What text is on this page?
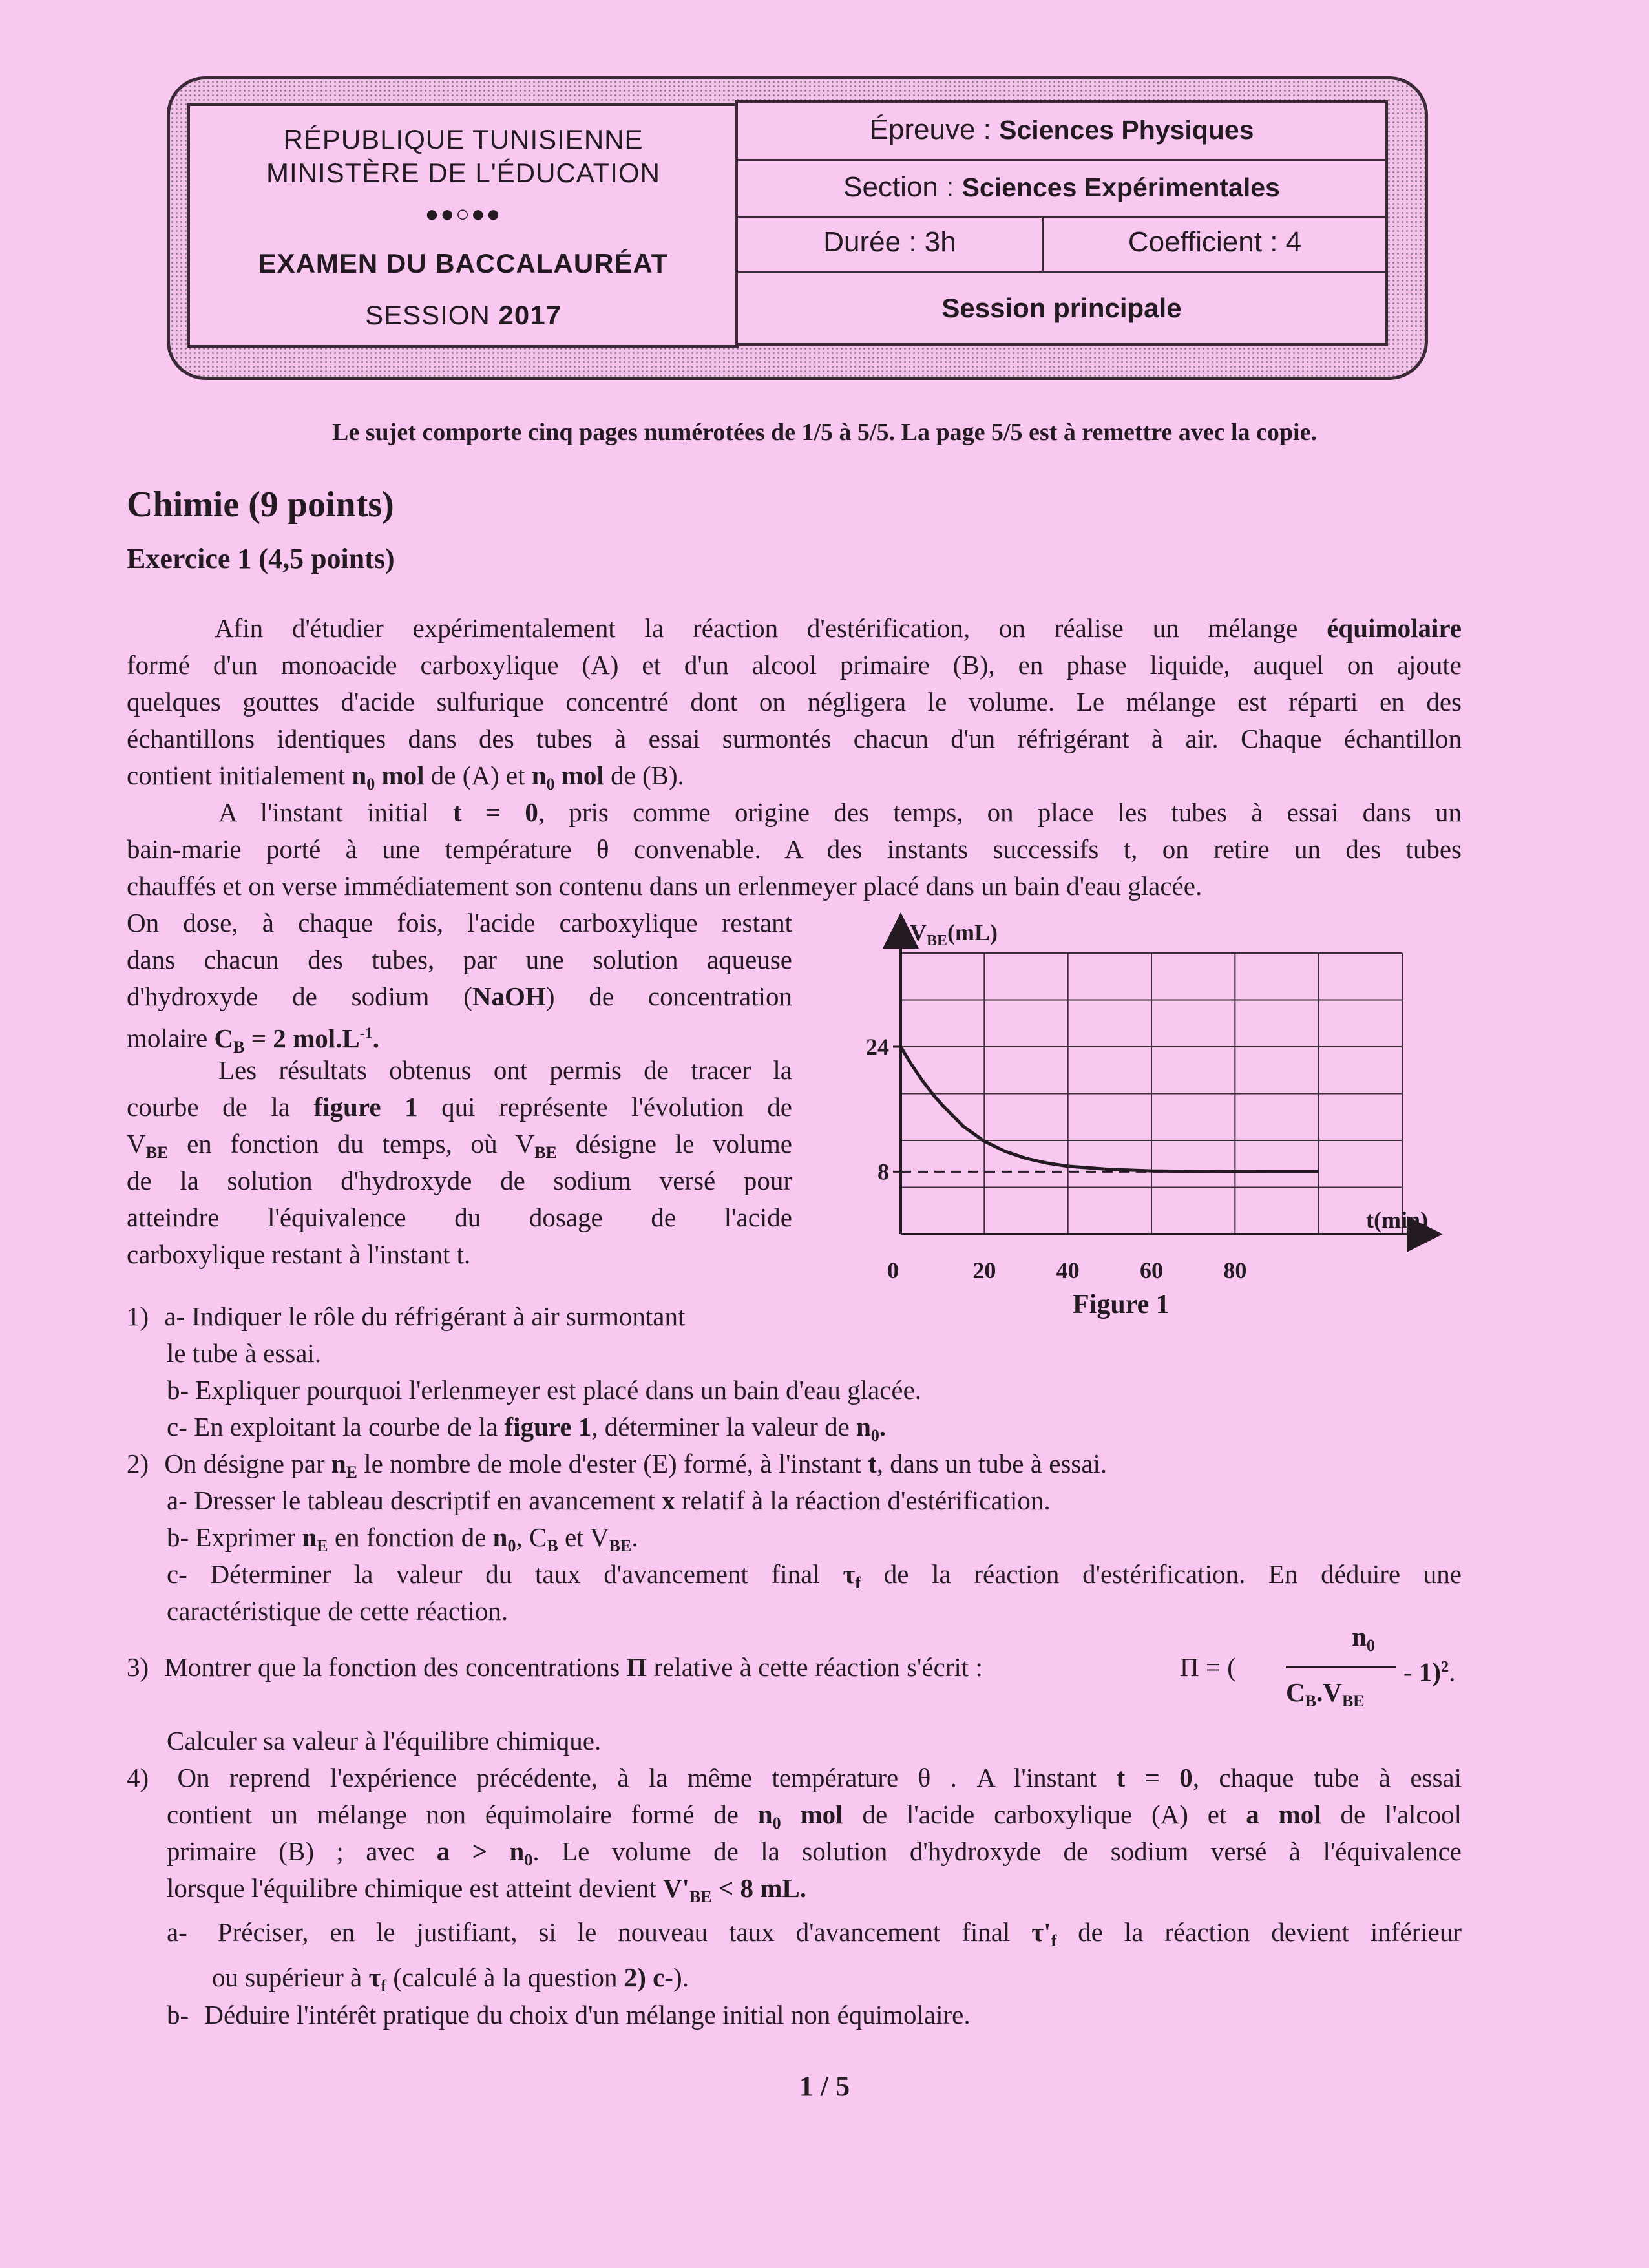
RÉPUBLIQUE TUNISIENNE
MINISTÈRE DE L'ÉDUCATION
●●○●●
EXAMEN DU BACCALAURÉAT
SESSION 2017
Épreuve : Sciences Physiques
Section : Sciences Expérimentales
Durée : 3h	Coefficient : 4
Session principale
Le sujet comporte cinq pages numérotées de 1/5 à 5/5. La page 5/5 est à remettre avec la copie.
Chimie (9 points)
Exercice 1 (4,5 points)
Afin d'étudier expérimentalement la réaction d'estérification, on réalise un mélange équimolaire
formé d'un monoacide carboxylique (A) et d'un alcool primaire (B), en phase liquide, auquel on ajoute
quelques gouttes d'acide sulfurique concentré dont on négligera le volume. Le mélange est réparti en des
échantillons identiques dans des tubes à essai surmontés chacun d'un réfrigérant à air. Chaque échantillon
contient initialement $n_0$ mol de (A) et $n_0$ mol de (B).
A l'instant initial t = 0, pris comme origine des temps, on place les tubes à essai dans un
bain-marie porté à une température θ convenable. A des instants successifs t, on retire un des tubes
chauffés et on verse immédiatement son contenu dans un erlenmeyer placé dans un bain d'eau glacée.
On dose, à chaque fois, l'acide carboxylique restant
dans chacun des tubes, par une solution aqueuse
d'hydroxyde de sodium (NaOH) de concentration
molaire $C_B = 2$ $mol.L^{-1}$.
Les résultats obtenus ont permis de tracer la
courbe de la figure 1 qui représente l'évolution de
$V_{BE}$ en fonction du temps, où $V_{BE}$ désigne le volume
de la solution d'hydroxyde de sodium versé pour
atteindre l'équivalence du dosage de l'acide
carboxylique restant à l'instant t.
24
8
20	40	60	80
$V_{BE}(mL)$
t(min)
0
Figure 1
1) a- Indiquer le rôle du réfrigérant à air surmontant
le tube à essai.
b- Expliquer pourquoi l'erlenmeyer est placé dans un bain d'eau glacée.
c- En exploitant la courbe de la figure 1, déterminer la valeur de $n_0$.
2) On désigne par $n_E$ le nombre de mole d'ester (E) formé, à l'instant t, dans un tube à essai.
a- Dresser le tableau descriptif en avancement x relatif à la réaction d'estérification.
b- Exprimer $n_E$ en fonction de $n_0$, $C_B$ et $V_{BE}$.
c- Déterminer la valeur du taux d'avancement final $\tau_f$ de la réaction d'estérification. En déduire une
caractéristique de cette réaction.
3) Montrer que la fonction des concentrations Π relative à cette réaction s'écrit :	Π = (
$n_0$
$C_B.V_{BE}$
- 1)$^2$.
Calculer sa valeur à l'équilibre chimique.
4) On reprend l'expérience précédente, à la même température θ . A l'instant t = 0, chaque tube à essai
contient un mélange non équimolaire formé de $n_0$ mol de l'acide carboxylique (A) et a mol de l'alcool
primaire (B) ; avec $a > n_0$. Le volume de la solution d'hydroxyde de sodium versé à l'équivalence
lorsque l'équilibre chimique est atteint devient $V'_{BE} < 8$ mL.
a- Préciser, en le justifiant, si le nouveau taux d'avancement final $\tau'_f$ de la réaction devient inférieur
ou supérieur à $\tau_f$ (calculé à la question 2) c-).
b- Déduire l'intérêt pratique du choix d'un mélange initial non équimolaire.
1 / 5
